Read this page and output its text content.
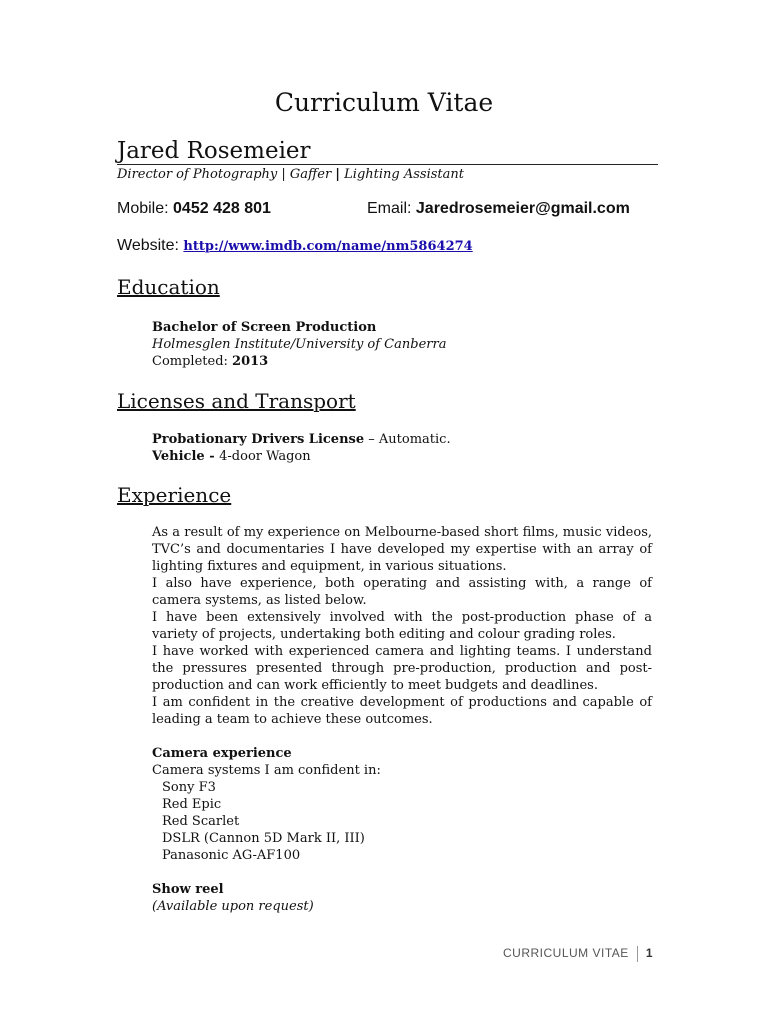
Curriculum Vitae
Jared Rosemeier
Director of Photography | Gaffer | Lighting Assistant
Mobile: 0452 428 801	Email: Jaredrosemeier@gmail.com
Website: http://www.imdb.com/name/nm5864274
Education
Bachelor of Screen Production
Holmesglen Institute/University of Canberra
Completed: 2013
Licenses and Transport
Probationary Drivers License – Automatic.
Vehicle - 4-door Wagon
Experience
As a result of my experience on Melbourne-based short films, music videos, TVC’s and documentaries I have developed my expertise with an array of lighting fixtures and equipment, in various situations.
I also have experience, both operating and assisting with, a range of camera systems, as listed below.
I have been extensively involved with the post-production phase of a variety of projects, undertaking both editing and colour grading roles.
I have worked with experienced camera and lighting teams. I understand the pressures presented through pre-production, production and post-production and can work efficiently to meet budgets and deadlines.
I am confident in the creative development of productions and capable of leading a team to achieve these outcomes.
Camera experience
Camera systems I am confident in:
Sony F3
Red Epic
Red Scarlet
DSLR (Cannon 5D Mark II, III)
Panasonic AG-AF100
Show reel
(Available upon request)
CURRICULUM VITAE 1
